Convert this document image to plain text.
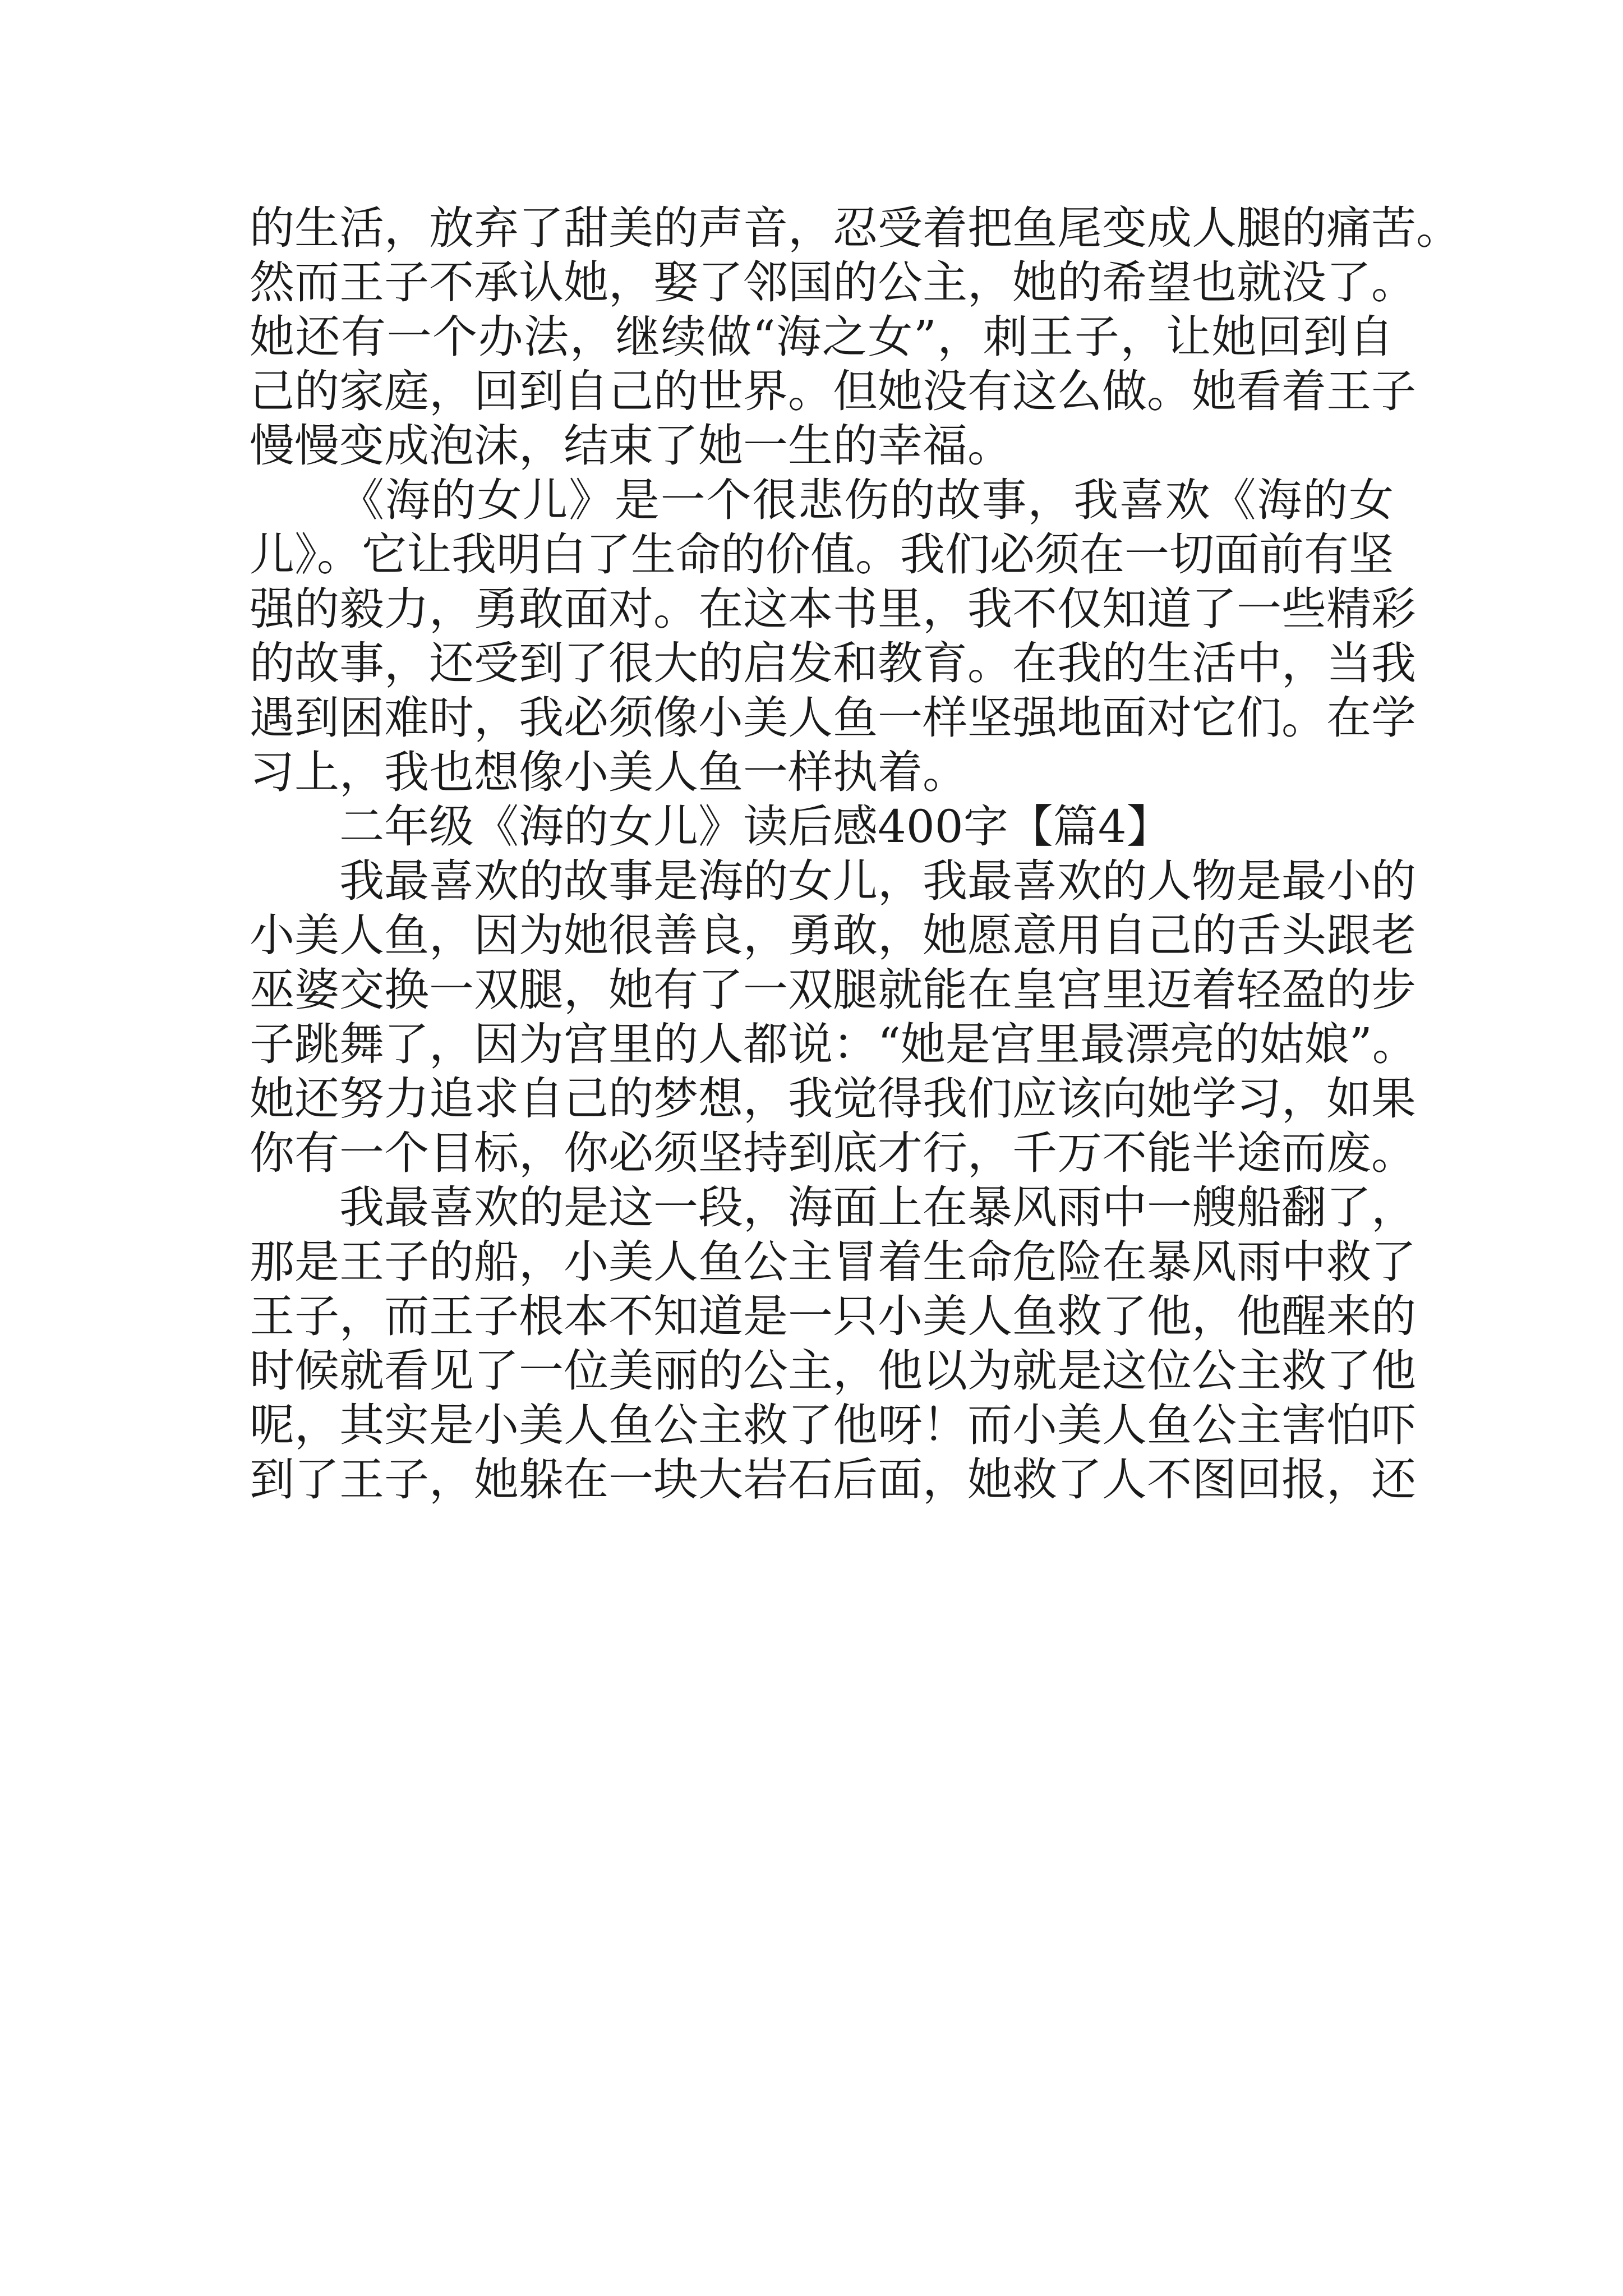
的生活，放弃了甜美的声音，忍受着把鱼尾变成人腿的痛苦。
然而王子不承认她，娶了邻国的公主，她的希望也就没了。
她还有一个办法，继续做“海之女”，刺王子，让她回到自
己的家庭，回到自己的世界。但她没有这么做。她看着王子
慢慢变成泡沫，结束了她一生的幸福。
《海的女儿》是一个很悲伤的故事，我喜欢《海的女
儿》。它让我明白了生命的价值。我们必须在一切面前有坚
强的毅力，勇敢面对。在这本书里，我不仅知道了一些精彩
的故事，还受到了很大的启发和教育。在我的生活中，当我
遇到困难时，我必须像小美人鱼一样坚强地面对它们。在学
习上，我也想像小美人鱼一样执着。
二年级《海的女儿》读后感400字【篇4】
我最喜欢的故事是海的女儿，我最喜欢的人物是最小的
小美人鱼，因为她很善良，勇敢，她愿意用自己的舌头跟老
巫婆交换一双腿，她有了一双腿就能在皇宫里迈着轻盈的步
子跳舞了，因为宫里的人都说：“她是宫里最漂亮的姑娘”。
她还努力追求自己的梦想，我觉得我们应该向她学习，如果
你有一个目标，你必须坚持到底才行，千万不能半途而废。
我最喜欢的是这一段，海面上在暴风雨中一艘船翻了，
那是王子的船，小美人鱼公主冒着生命危险在暴风雨中救了
王子，而王子根本不知道是一只小美人鱼救了他，他醒来的
时候就看见了一位美丽的公主，他以为就是这位公主救了他
呢，其实是小美人鱼公主救了他呀！而小美人鱼公主害怕吓
到了王子，她躲在一块大岩石后面，她救了人不图回报，还
